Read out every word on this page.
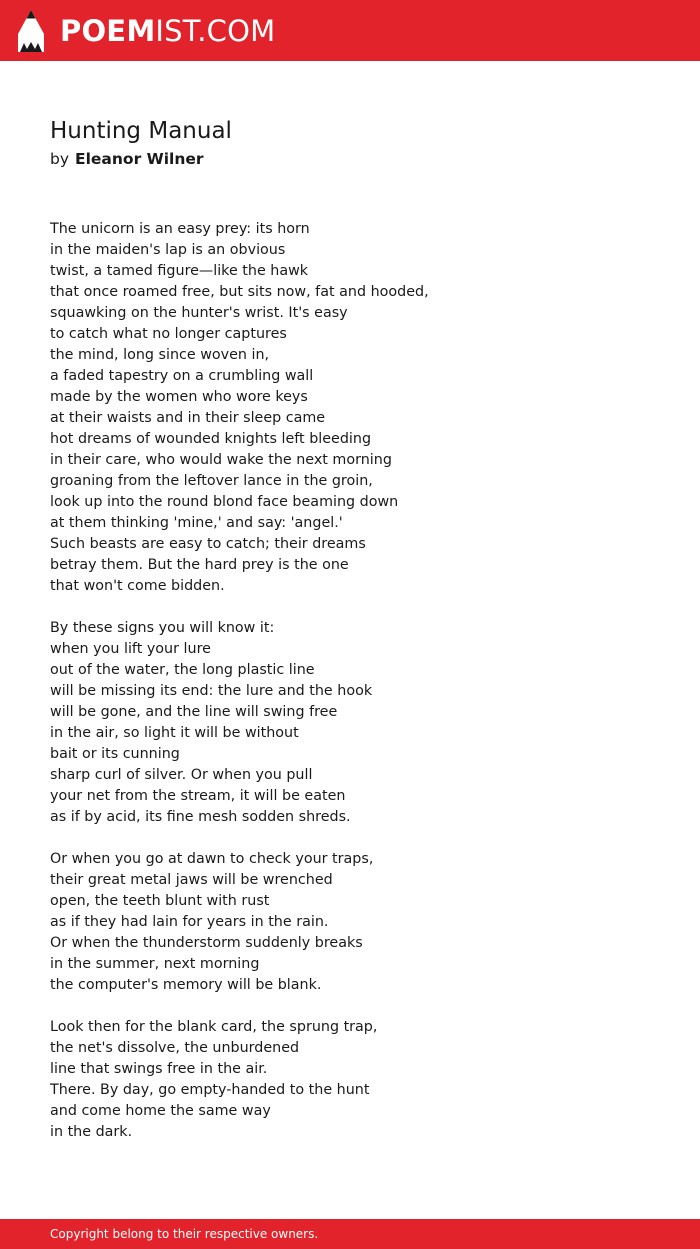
POEMIST.COM
Hunting Manual
by Eleanor Wilner
The unicorn is an easy prey: its horn
in the maiden's lap is an obvious
twist, a tamed figure—like the hawk
that once roamed free, but sits now, fat and hooded,
squawking on the hunter's wrist. It's easy
to catch what no longer captures
the mind, long since woven in,
a faded tapestry on a crumbling wall
made by the women who wore keys
at their waists and in their sleep came
hot dreams of wounded knights left bleeding
in their care, who would wake the next morning
groaning from the leftover lance in the groin,
look up into the round blond face beaming down
at them thinking 'mine,' and say: 'angel.'
Such beasts are easy to catch; their dreams
betray them. But the hard prey is the one
that won't come bidden.
By these signs you will know it:
when you lift your lure
out of the water, the long plastic line
will be missing its end: the lure and the hook
will be gone, and the line will swing free
in the air, so light it will be without
bait or its cunning
sharp curl of silver. Or when you pull
your net from the stream, it will be eaten
as if by acid, its fine mesh sodden shreds.
Or when you go at dawn to check your traps,
their great metal jaws will be wrenched
open, the teeth blunt with rust
as if they had lain for years in the rain.
Or when the thunderstorm suddenly breaks
in the summer, next morning
the computer's memory will be blank.
Look then for the blank card, the sprung trap,
the net's dissolve, the unburdened
line that swings free in the air.
There. By day, go empty-handed to the hunt
and come home the same way
in the dark.
Copyright belong to their respective owners.
